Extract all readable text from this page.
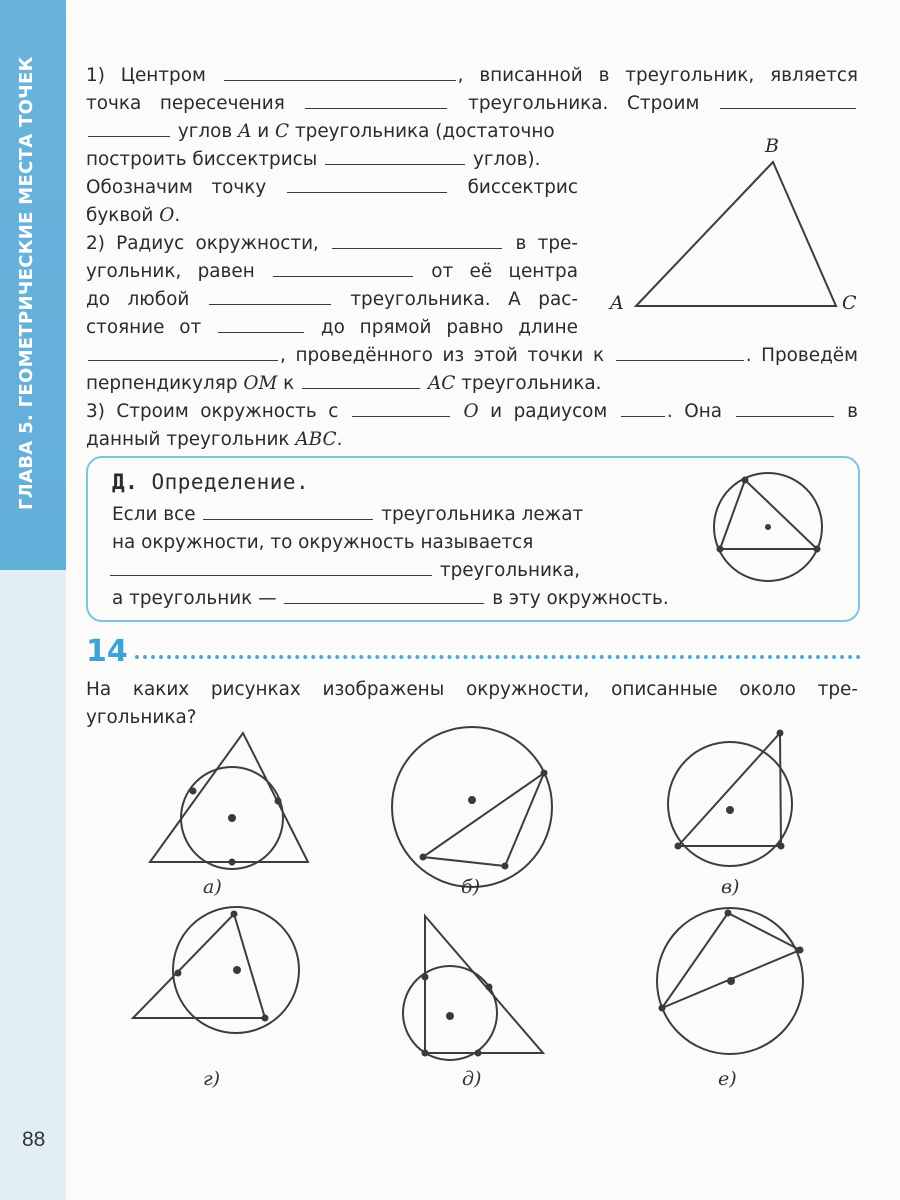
ГЛАВА 5. ГЕОМЕТРИЧЕСКИЕ МЕСТА ТОЧЕК
88
1) Центром	, вписанной в треугольник, является
точка пересечения	треугольника. Строим
углов A и C треугольника (достаточно
построить биссектрисы	углов).
Обозначим точку	биссектрис
буквой O.
2) Радиус окружности,	в тре-
угольник, равен	от её центра
до любой	треугольника. А рас-
стояние от	до прямой равно длине
, проведённого из этой точки к	. Проведём
перпендикуляр OM к	AC треугольника.
3) Строим окружность с	O и радиусом	. Она	в
данный треугольник ABC.
Д. Определение.
Если все	треугольника лежат
на окружности, то окружность называется
треугольника,
а треугольник —	в эту окружность.
14
На каких рисунках изображены окружности, описанные около тре-
угольника?
A
B
C
а)	б)	в)
г)	д)	е)
